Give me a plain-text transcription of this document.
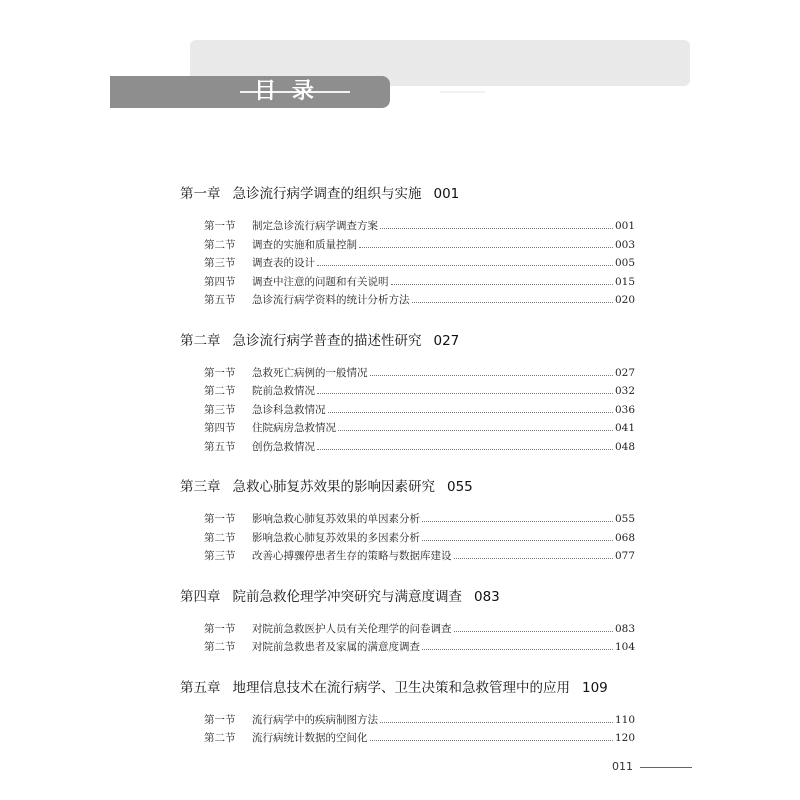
目 录
第一章 急诊流行病学调查的组织与实施 001
第一节	制定急诊流行病学调查方案	001
第二节	调查的实施和质量控制	003
第三节	调查表的设计	005
第四节	调查中注意的问题和有关说明	015
第五节	急诊流行病学资料的统计分析方法	020
第二章 急诊流行病学普查的描述性研究 027
第一节	急救死亡病例的一般情况	027
第二节	院前急救情况	032
第三节	急诊科急救情况	036
第四节	住院病房急救情况	041
第五节	创伤急救情况	048
第三章 急救心肺复苏效果的影响因素研究 055
第一节	影响急救心肺复苏效果的单因素分析	055
第二节	影响急救心肺复苏效果的多因素分析	068
第三节	改善心搏骤停患者生存的策略与数据库建设	077
第四章 院前急救伦理学冲突研究与满意度调查 083
第一节	对院前急救医护人员有关伦理学的问卷调查	083
第二节	对院前急救患者及家属的满意度调查	104
第五章 地理信息技术在流行病学、卫生决策和急救管理中的应用 109
第一节	流行病学中的疾病制图方法	110
第二节	流行病统计数据的空间化	120
011
